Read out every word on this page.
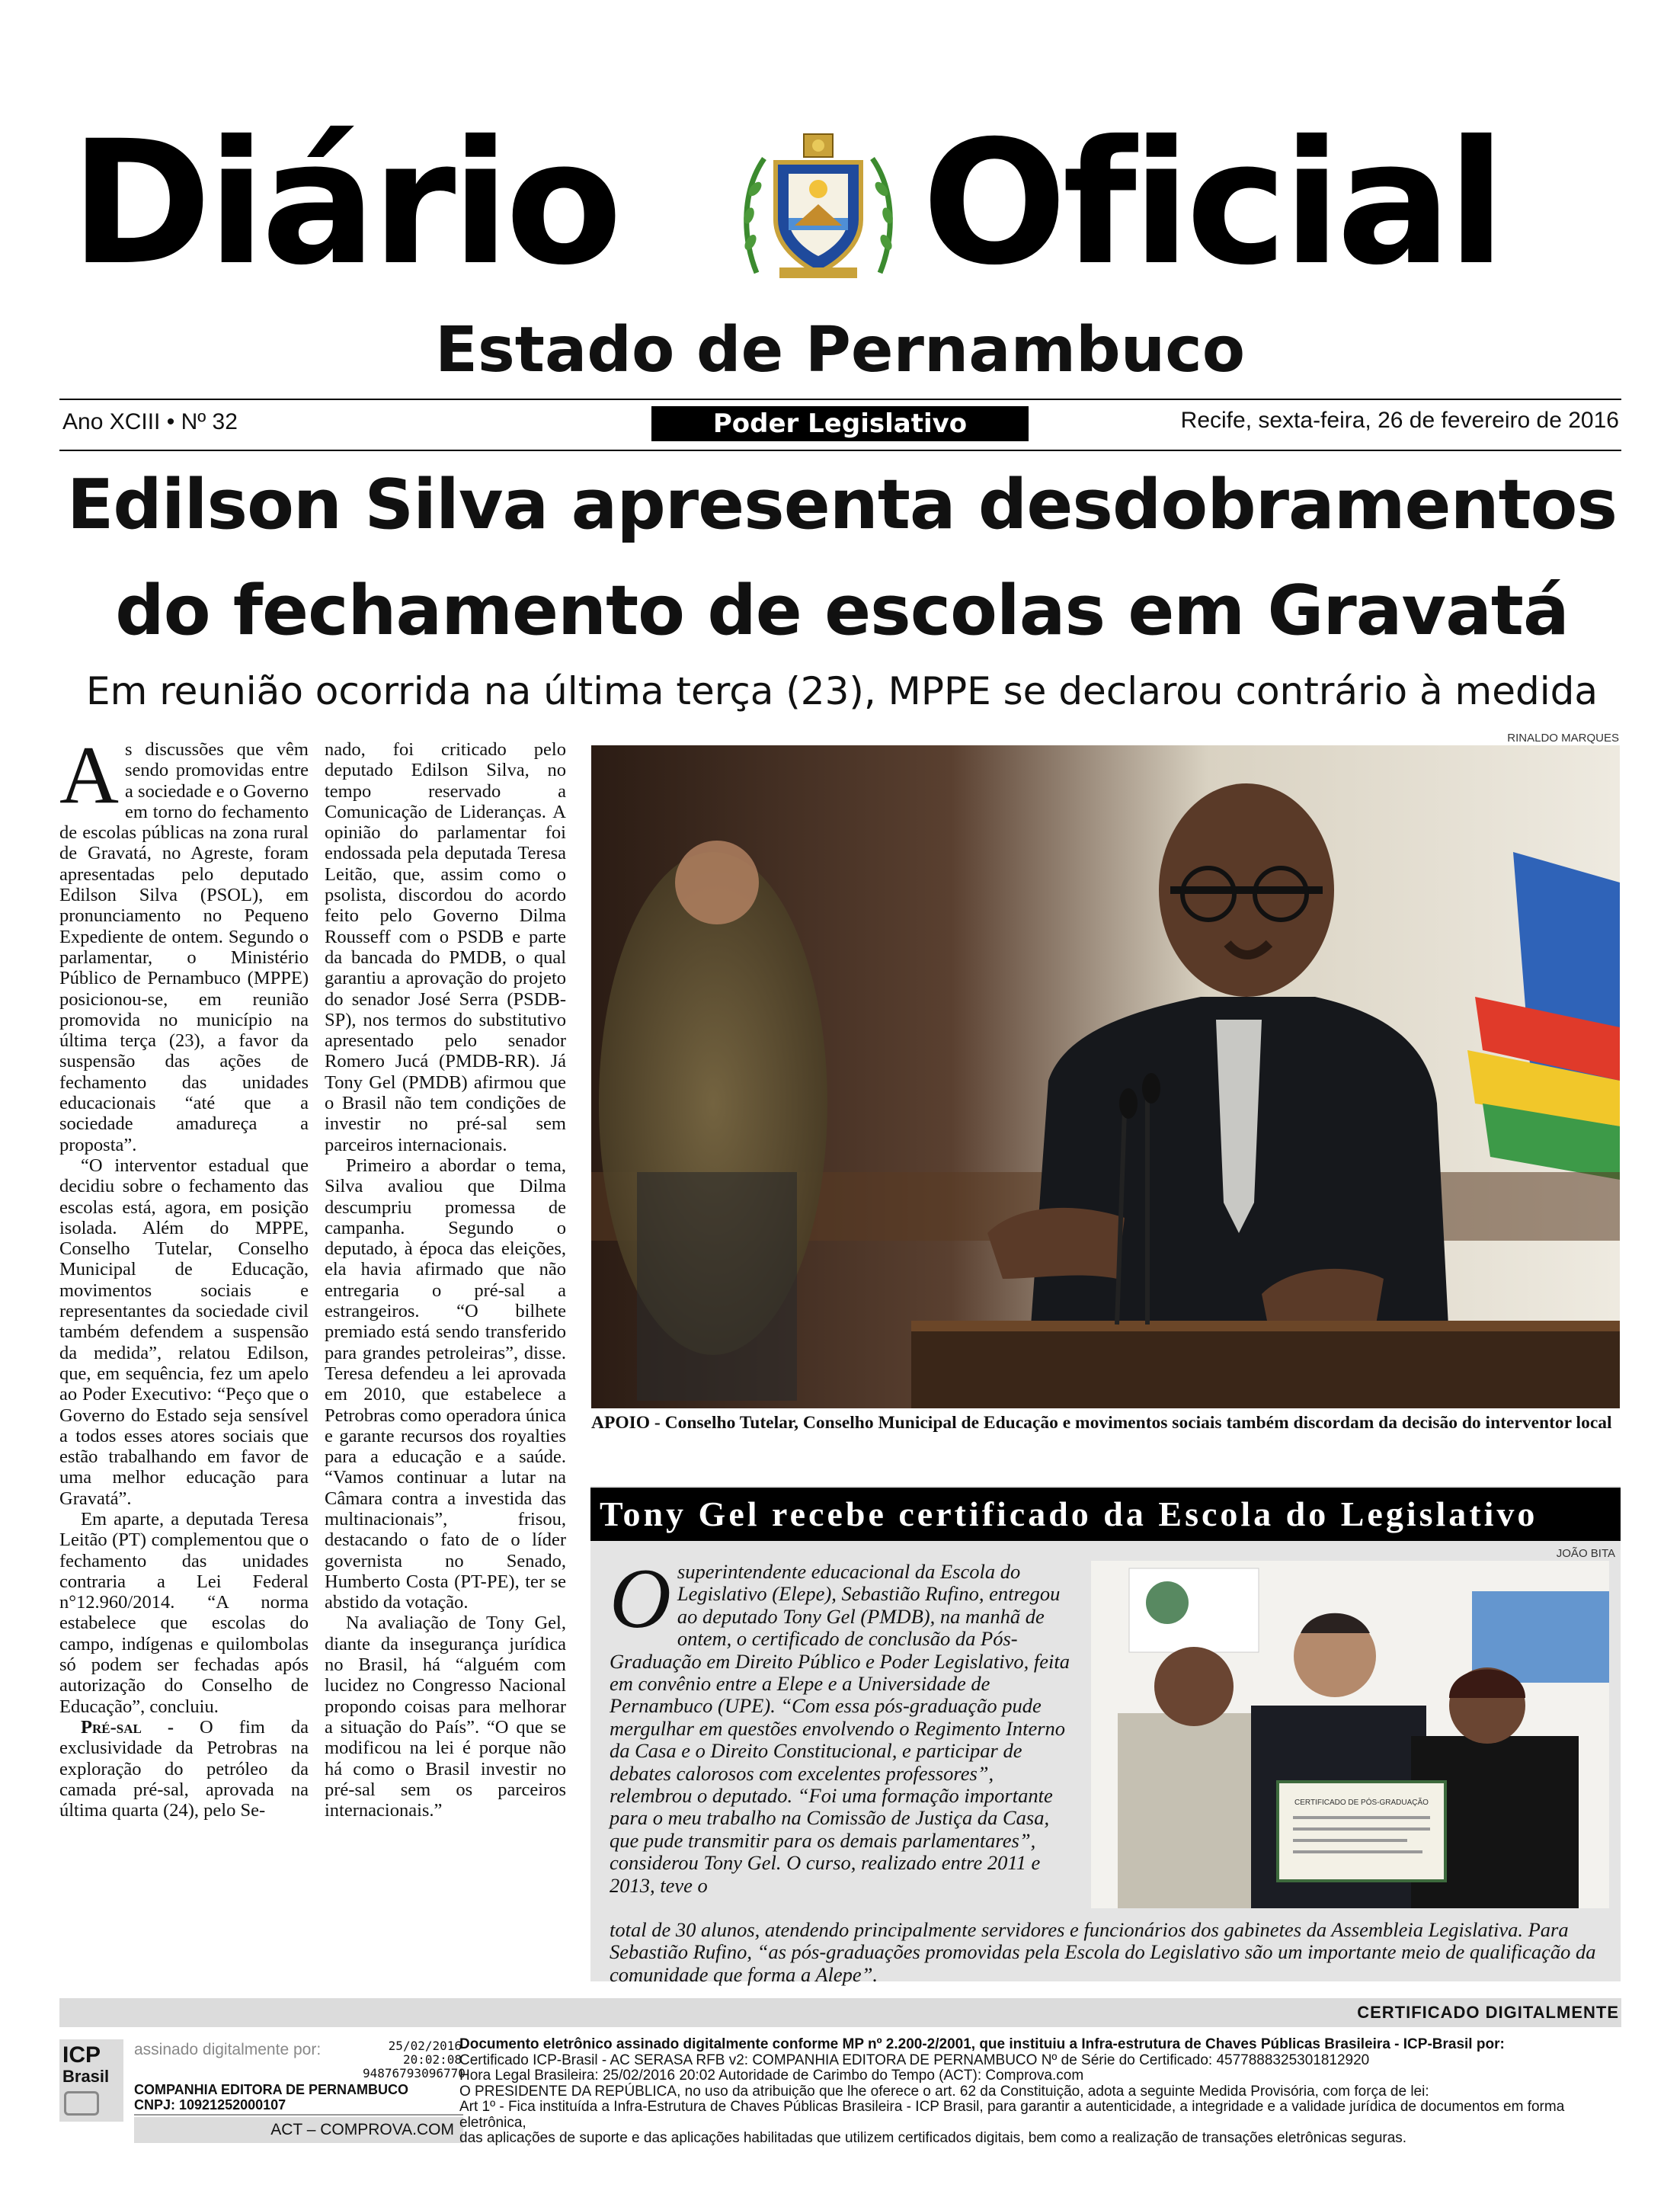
Diário Oficial
Estado de Pernambuco
Ano XCIII • Nº 32	Poder Legislativo	Recife, sexta-feira, 26 de fevereiro de 2016
Edilson Silva apresenta desdobramentos
do fechamento de escolas em Gravatá
Em reunião ocorrida na última terça (23), MPPE se declarou contrário à medida

As discussões que vêm sendo promovidas entre a sociedade e o Governo em torno do fechamento de escolas públicas na zona rural de Gravatá, no Agreste, foram apresentadas pelo deputado Edilson Silva (PSOL), em pronunciamento no Pequeno Expediente de ontem. Segundo o parlamentar, o Ministério Público de Pernambuco (MPPE) posicionou-se, em reunião promovida no município na última terça (23), a favor da suspensão das ações de fechamento das unidades educacionais “até que a sociedade amadureça a proposta”.

“O interventor estadual que decidiu sobre o fechamento das escolas está, agora, em posição isolada. Além do MPPE, Conselho Tutelar, Conselho Municipal de Educação, movimentos sociais e representantes da sociedade civil também defendem a suspensão da medida”, relatou Edilson, que, em sequência, fez um apelo ao Poder Executivo: “Peço que o Governo do Estado seja sensível a todos esses atores sociais que estão trabalhando em favor de uma melhor educação para Gravatá”.

Em aparte, a deputada Teresa Leitão (PT) complementou que o fechamento das unidades contraria a Lei Federal n°12.960/2014. “A norma estabelece que escolas do campo, indígenas e quilombolas só podem ser fechadas após autorização do Conselho de Educação”, concluiu.

Pré-sal - O fim da exclusividade da Petrobras na exploração do petróleo da camada pré-sal, aprovada na última quarta (24), pelo Se-

nado, foi criticado pelo deputado Edilson Silva, no tempo reservado a Comunicação de Lideranças. A opinião do parlamentar foi endossada pela deputada Teresa Leitão, que, assim como o psolista, discordou do acordo feito pelo Governo Dilma Rousseff com o PSDB e parte da bancada do PMDB, o qual garantiu a aprovação do projeto do senador José Serra (PSDB-SP), nos termos do substitutivo apresentado pelo senador Romero Jucá (PMDB-RR). Já Tony Gel (PMDB) afirmou que o Brasil não tem condições de investir no pré-sal sem parceiros internacionais.

Primeiro a abordar o tema, Silva avaliou que Dilma descumpriu promessa de campanha. Segundo o deputado, à época das eleições, ela havia afirmado que não entregaria o pré-sal a estrangeiros. “O bilhete premiado está sendo transferido para grandes petroleiras”, disse. Teresa defendeu a lei aprovada em 2010, que estabelece a Petrobras como operadora única e garante recursos dos royalties para a educação e a saúde. “Vamos continuar a lutar na Câmara contra a investida das multinacionais”, frisou, destacando o fato de o líder governista no Senado, Humberto Costa (PT-PE), ter se abstido da votação.

Na avaliação de Tony Gel, diante da insegurança jurídica no Brasil, há “alguém com lucidez no Congresso Nacional propondo coisas para melhorar a situação do País”. “O que se modificou na lei é porque não há como o Brasil investir no pré-sal sem os parceiros internacionais.”

RINALDO MARQUES
APOIO - Conselho Tutelar, Conselho Municipal de Educação e movimentos sociais também discordam da decisão do interventor local
Tony Gel recebe certificado da Escola do Legislativo
JOÃO BITA
Osuperintendente educacional da Escola do Legislativo (Elepe), Sebastião Rufino, entregou ao deputado Tony Gel (PMDB), na manhã de ontem, o certificado de conclusão da Pós-Graduação em Direito Público e Poder Legislativo, feita em convênio entre a Elepe e a Universidade de Pernambuco (UPE). “Com essa pós-graduação pude mergulhar em questões envolvendo o Regimento Interno da Casa e o Direito Constitucional, e participar de debates calorosos com excelentes professores”, relembrou o deputado. “Foi uma formação importante para o meu trabalho na Comissão de Justiça da Casa, que pude transmitir para os demais parlamentares”, considerou Tony Gel. O curso, realizado entre 2011 e 2013, teve o
CERTIFICADO DE PÓS-GRADUAÇÃO
total de 30 alunos, atendendo principalmente servidores e funcionários dos gabinetes da Assembleia Legislativa. Para Sebastião Rufino, “as pós-graduações promovidas pela Escola do Legislativo são um importante meio de qualificação da comunidade que forma a Alepe”.
CERTIFICADO DIGITALMENTE
ICP
Brasil
assinado digitalmente por:	25/02/2016
20:02:08
94876793096770
COMPANHIA EDITORA DE PERNAMBUCO
CNPJ: 10921252000107
ACT – COMPROVA.COM
Documento eletrônico assinado digitalmente conforme MP nº 2.200-2/2001, que instituiu a Infra-estrutura de Chaves Públicas Brasileira - ICP-Brasil por:
Certificado ICP-Brasil - AC SERASA RFB v2: COMPANHIA EDITORA DE PERNAMBUCO Nº de Série do Certificado: 4577888325301812920
Hora Legal Brasileira: 25/02/2016 20:02 Autoridade de Carimbo do Tempo (ACT): Comprova.com
O PRESIDENTE DA REPÚBLICA, no uso da atribuição que lhe oferece o art. 62 da Constituição, adota a seguinte Medida Provisória, com força de lei:
Art 1º - Fica instituída a Infra-Estrutura de Chaves Públicas Brasileira - ICP Brasil, para garantir a autenticidade, a integridade e a validade jurídica de documentos em forma eletrônica,
das aplicações de suporte e das aplicações habilitadas que utilizem certificados digitais, bem como a realização de transações eletrônicas seguras.
